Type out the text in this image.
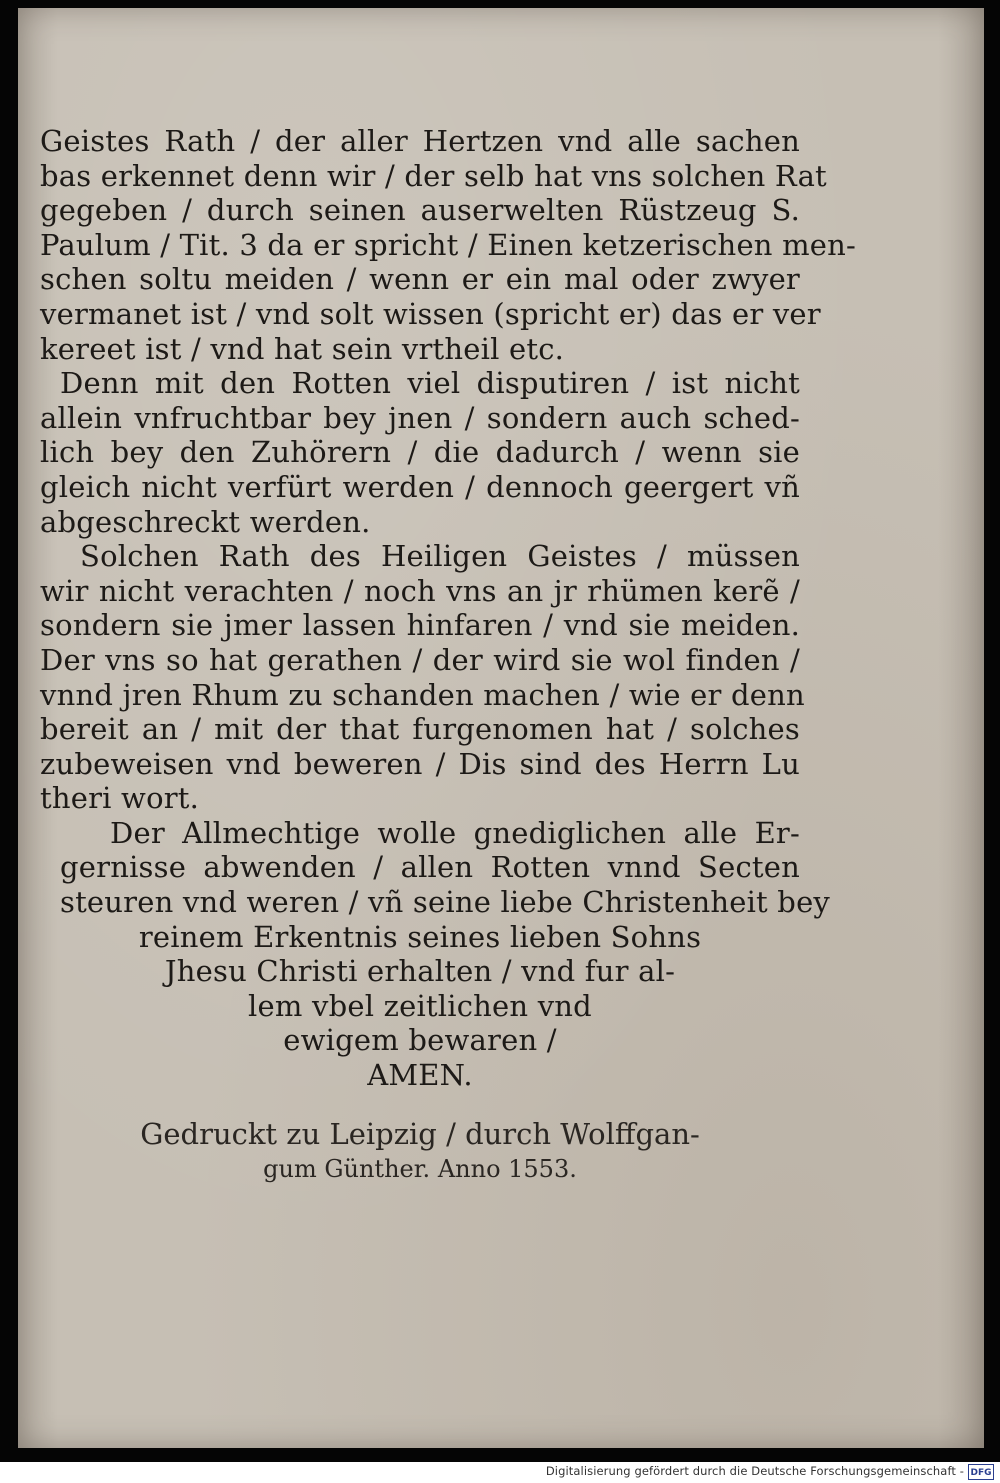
Geistes Rath / der aller Hertzen vnd alle sachen
bas erkennet denn wir / der selb hat vns solchen Rat
gegeben / durch seinen auserwelten Rüstzeug S.
Paulum / Tit. 3 da er spricht / Einen ketzerischen men-
schen soltu meiden / wenn er ein mal oder zwyer
vermanet ist / vnd solt wissen (spricht er) das er ver
kereet ist / vnd hat sein vrtheil etc.
Denn mit den Rotten viel disputiren / ist nicht
allein vnfruchtbar bey jnen / sondern auch sched-
lich bey den Zuhörern / die dadurch / wenn sie
gleich nicht verfürt werden / dennoch geergert vñ
abgeschreckt werden.
Solchen Rath des Heiligen Geistes / müssen
wir nicht verachten / noch vns an jr rhümen kerẽ /
sondern sie jmer lassen hinfaren / vnd sie meiden.
Der vns so hat gerathen / der wird sie wol finden /
vnnd jren Rhum zu schanden machen / wie er denn
bereit an / mit der that furgenomen hat / solches
zubeweisen vnd beweren / Dis sind des Herrn Lu
theri wort.
Der Allmechtige wolle gnediglichen alle Er-
gernisse abwenden / allen Rotten vnnd Secten
steuren vnd weren / vñ seine liebe Christenheit bey
reinem Erkentnis seines lieben Sohns
Jhesu Christi erhalten / vnd fur al-
lem vbel zeitlichen vnd
ewigem bewaren /
AMEN.
Gedruckt zu Leipzig / durch Wolffgan-
gum Günther. Anno 1553.
Digitalisierung gefördert durch die Deutsche Forschungsgemeinschaft - DFG
